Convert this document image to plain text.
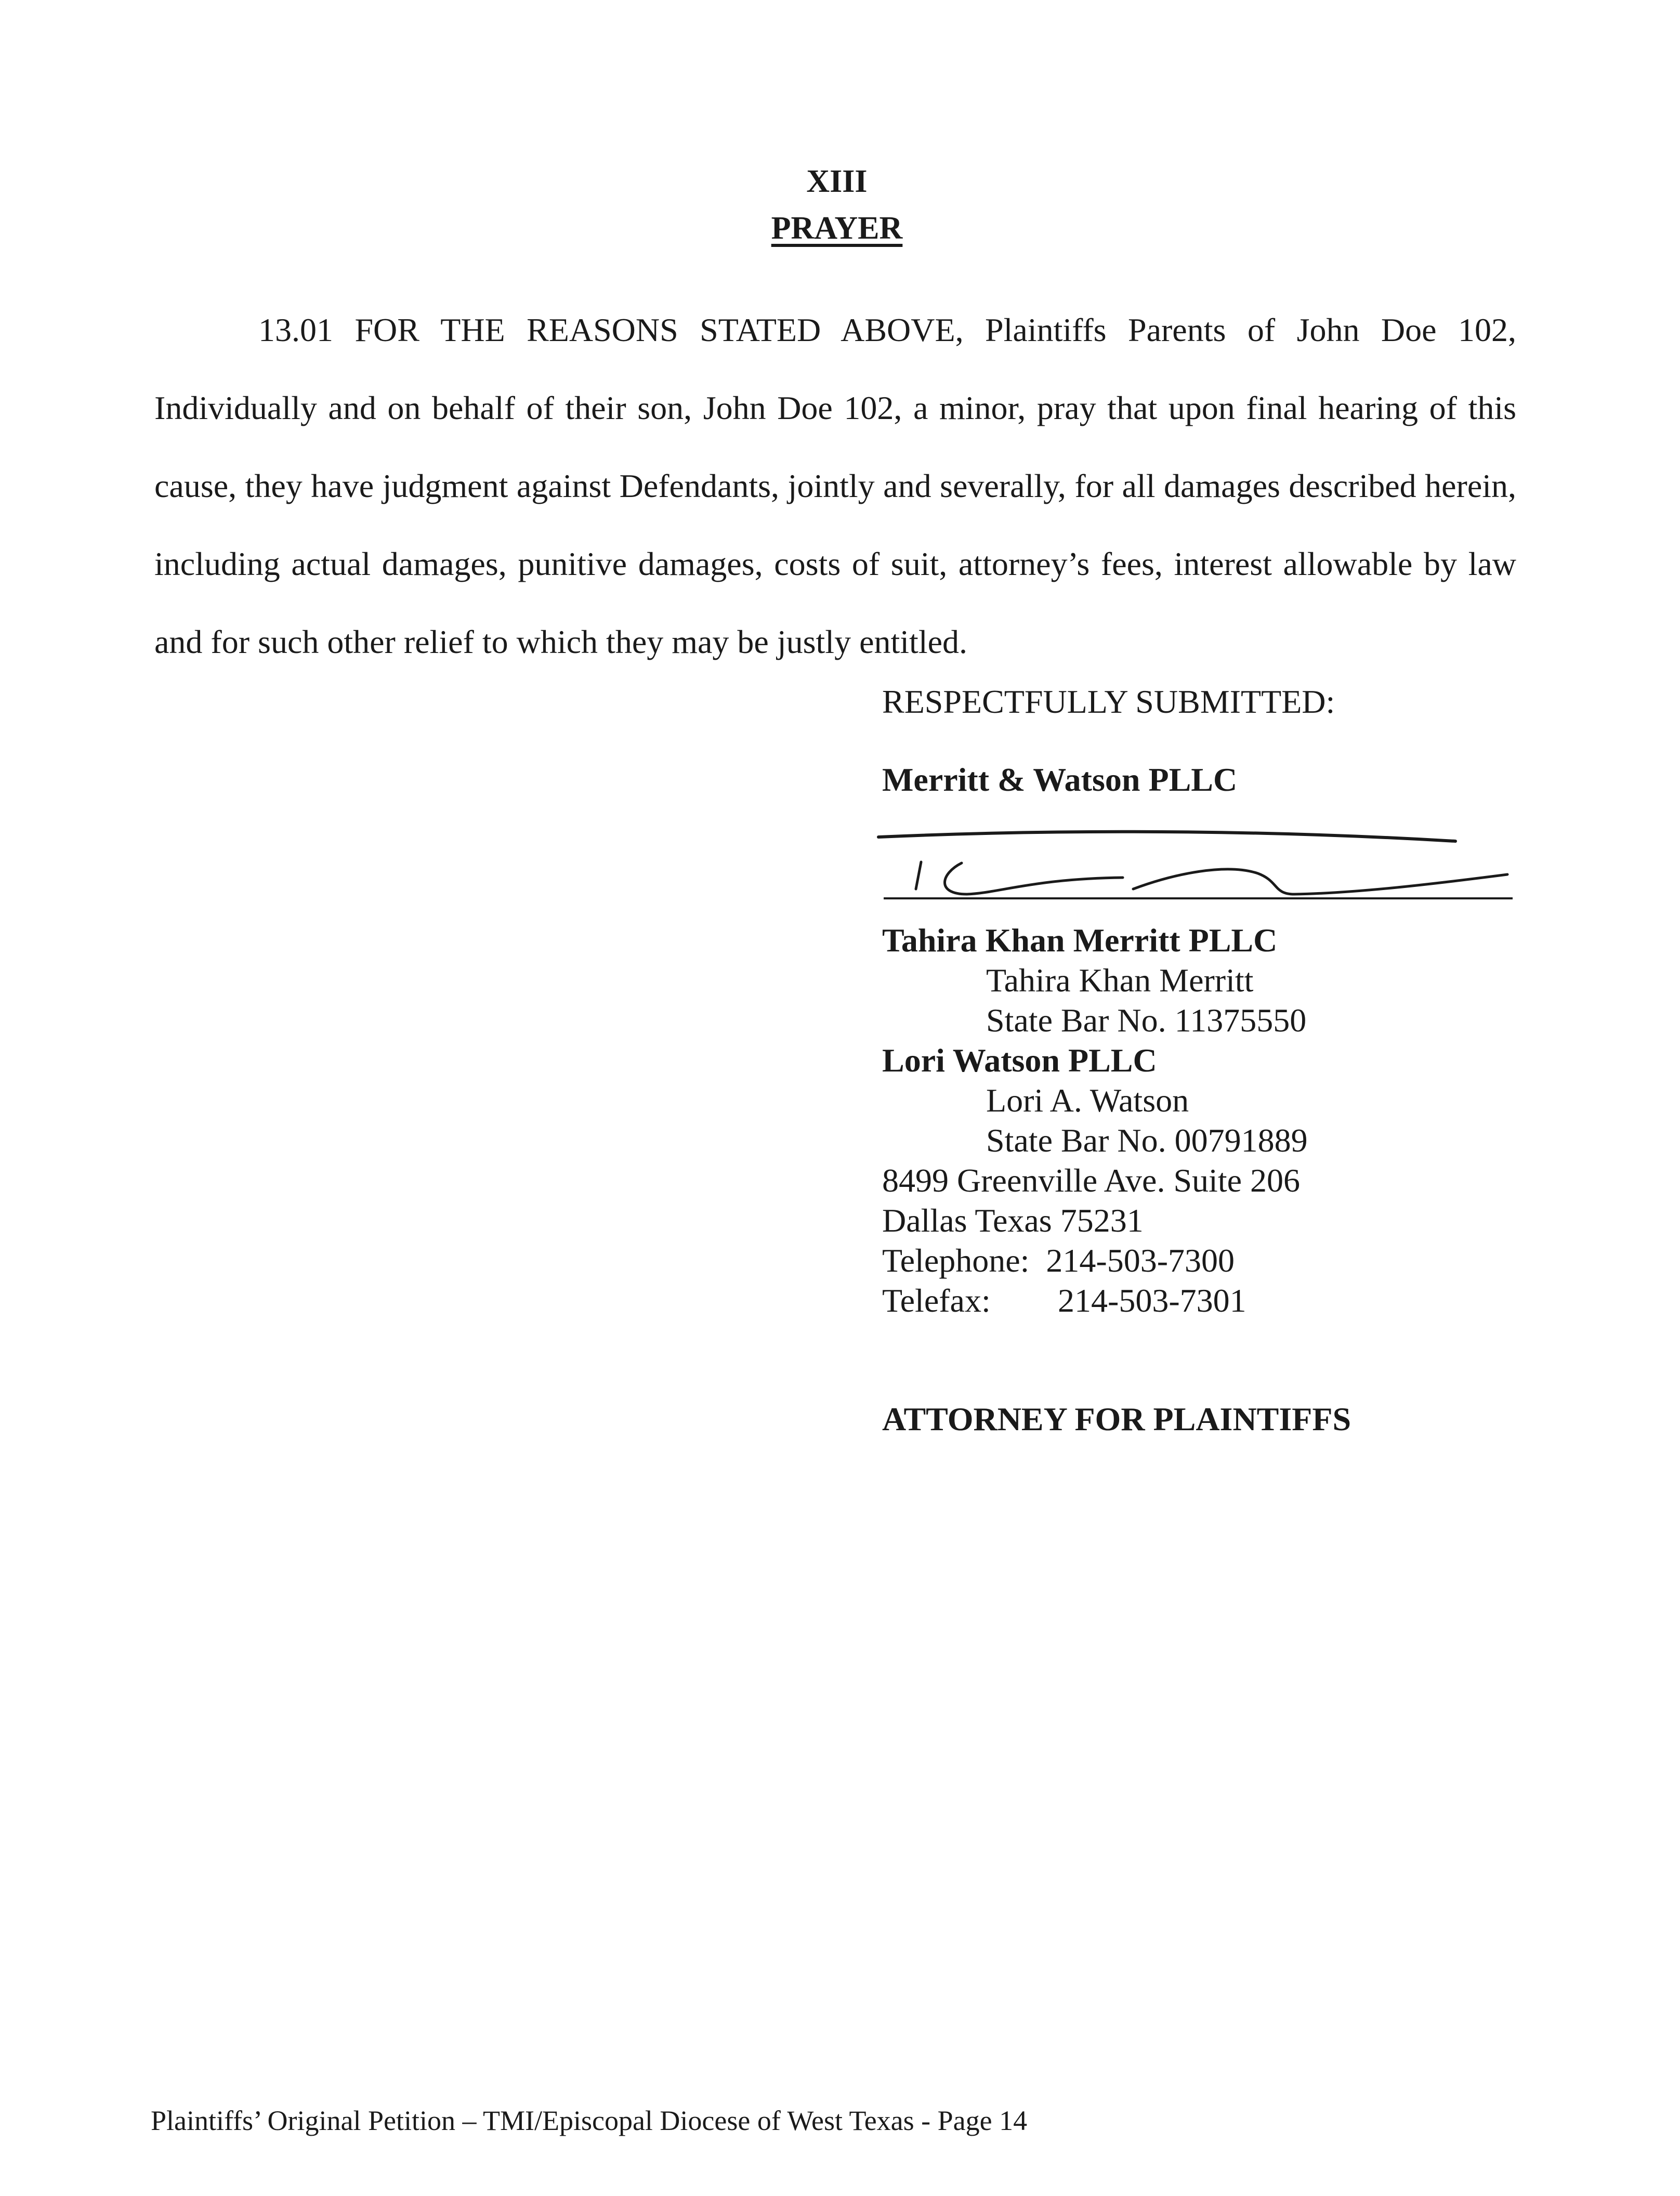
XIII
PRAYER

13.01 FOR THE REASONS STATED ABOVE, Plaintiffs Parents of John Doe 102, Individually and on behalf of their son, John Doe 102, a minor, pray that upon final hearing of this cause, they have judgment against Defendants, jointly and severally, for all damages described herein, including actual damages, punitive damages, costs of suit, attorney’s fees, interest allowable by law and for such other relief to which they may be justly entitled.

RESPECTFULLY SUBMITTED:
Merritt & Watson PLLC
Tahira Khan Merritt PLLC
Tahira Khan Merritt
State Bar No. 11375550
Lori Watson PLLC
Lori A. Watson
State Bar No. 00791889
8499 Greenville Ave. Suite 206
Dallas Texas 75231
Telephone: 214-503-7300
Telefax: 214-503-7301
ATTORNEY FOR PLAINTIFFS
Plaintiffs’ Original Petition – TMI/Episcopal Diocese of West Texas - Page 14
